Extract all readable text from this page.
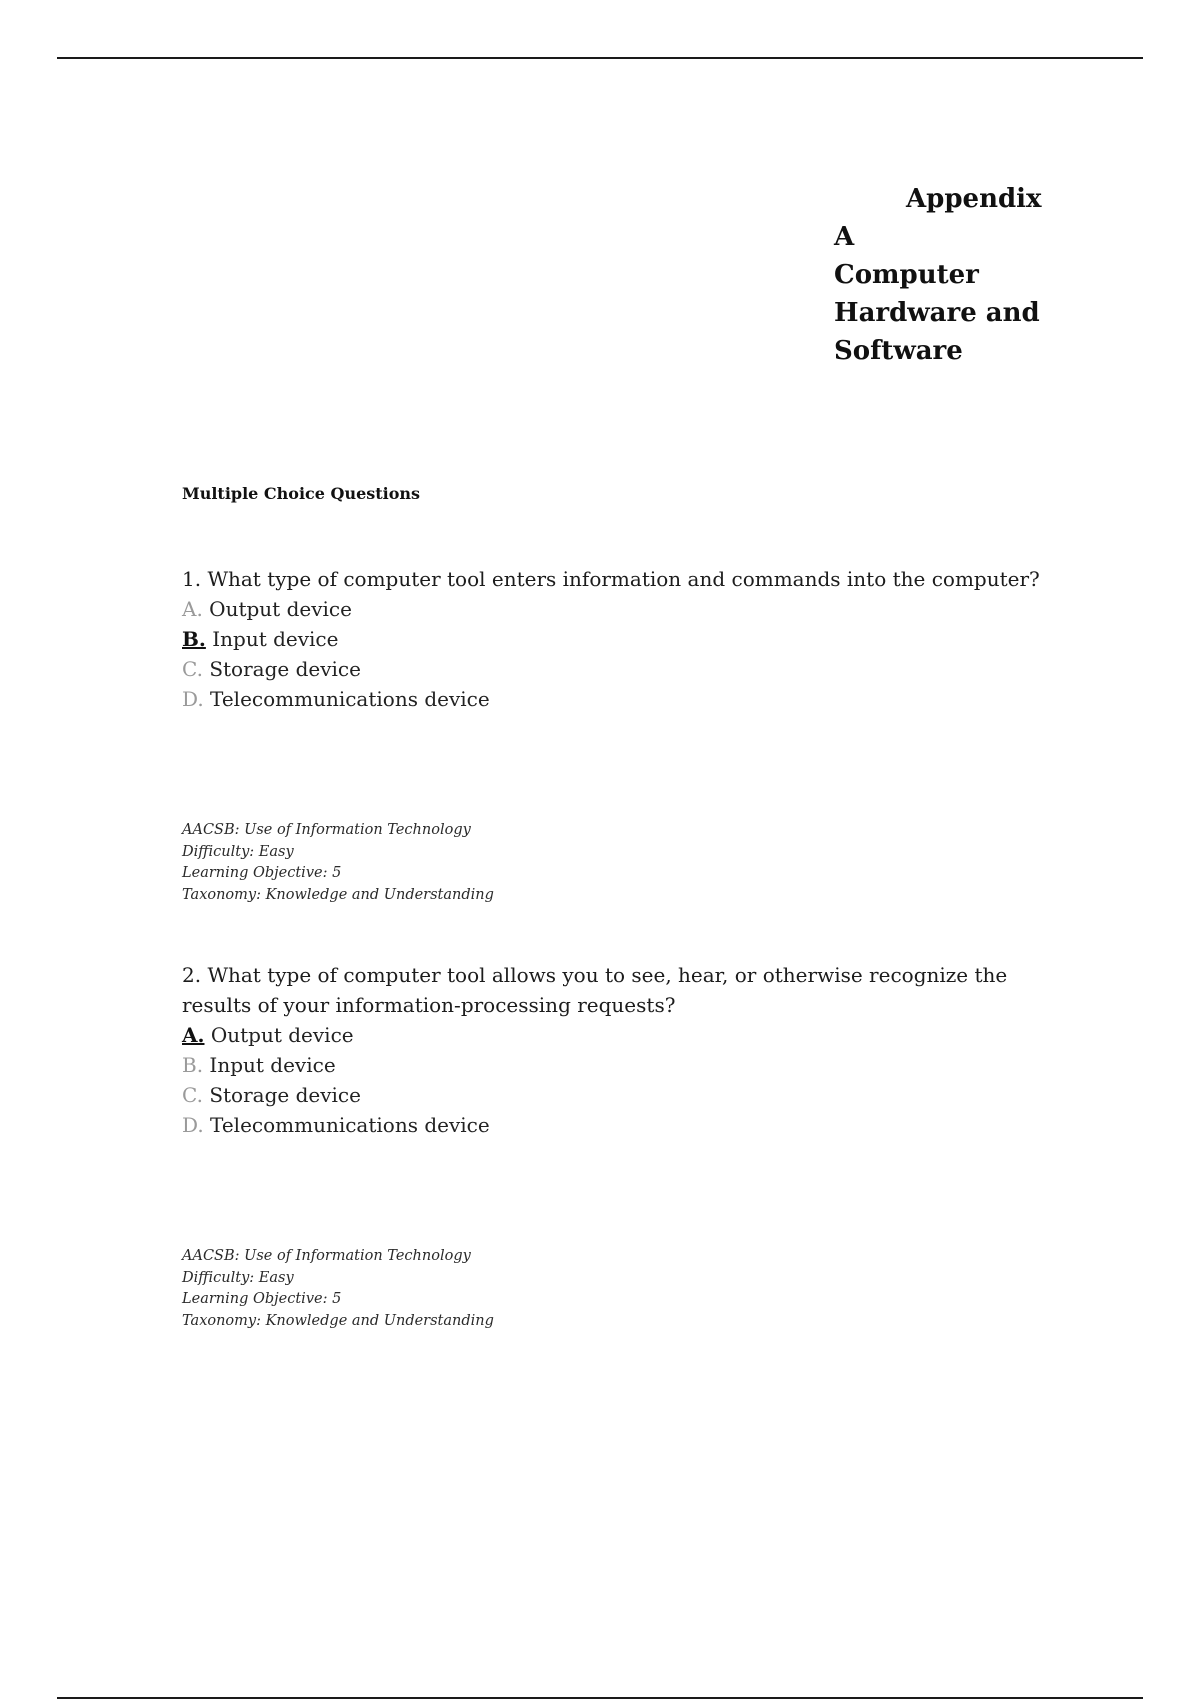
Appendix
A
Computer
Hardware and
Software
Multiple Choice Questions

1. What type of computer tool enters information and commands into the computer?

A. Output device
B. Input device
C. Storage device
D. Telecommunications device
AACSB: Use of Information Technology
Difficulty: Easy
Learning Objective: 5
Taxonomy: Knowledge and Understanding

2. What type of computer tool allows you to see, hear, or otherwise recognize the results of your information-processing requests?

A. Output device
B. Input device
C. Storage device
D. Telecommunications device
AACSB: Use of Information Technology
Difficulty: Easy
Learning Objective: 5
Taxonomy: Knowledge and Understanding
